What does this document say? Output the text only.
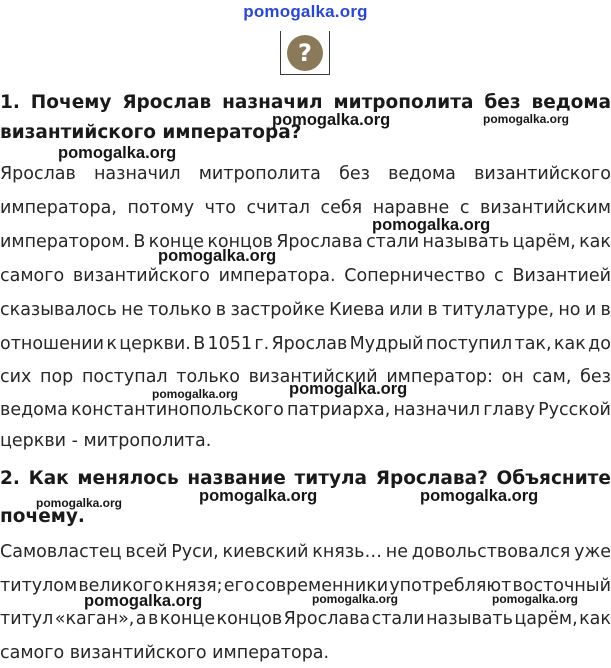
pomogalka.org
?
1. Почему Ярослав назначил митрополита без ведома
византийского императора?
Ярослав назначил митрополита без ведома византийского
императора, потому что считал себя наравне с византийским
императором. В конце концов Ярослава стали называть царём, как
самого византийского императора. Соперничество с Византией
сказывалось не только в застройке Киева или в титулатуре, но и в
отношении к церкви. В 1051 г. Ярослав Мудрый поступил так, как до
сих пор поступал только византийский император: он сам, без
ведома константинопольского патриарха, назначил главу Русской
церкви - митрополита.
2. Как менялось название титула Ярослава? Объясните
почему.
Самовластец всей Руси, киевский князь… не довольствовался уже
титулом великого князя; его современники употребляют восточный
титул «каган», а в конце концов Ярослава стали называть царём, как
самого византийского императора.
pomogalka.org	pomogalka.org
pomogalka.org
pomogalka.org
pomogalka.org
pomogalka.org	pomogalka.org
pomogalka.org	pomogalka.org	pomogalka.org
pomogalka.org	pomogalka.org	pomogalka.org
